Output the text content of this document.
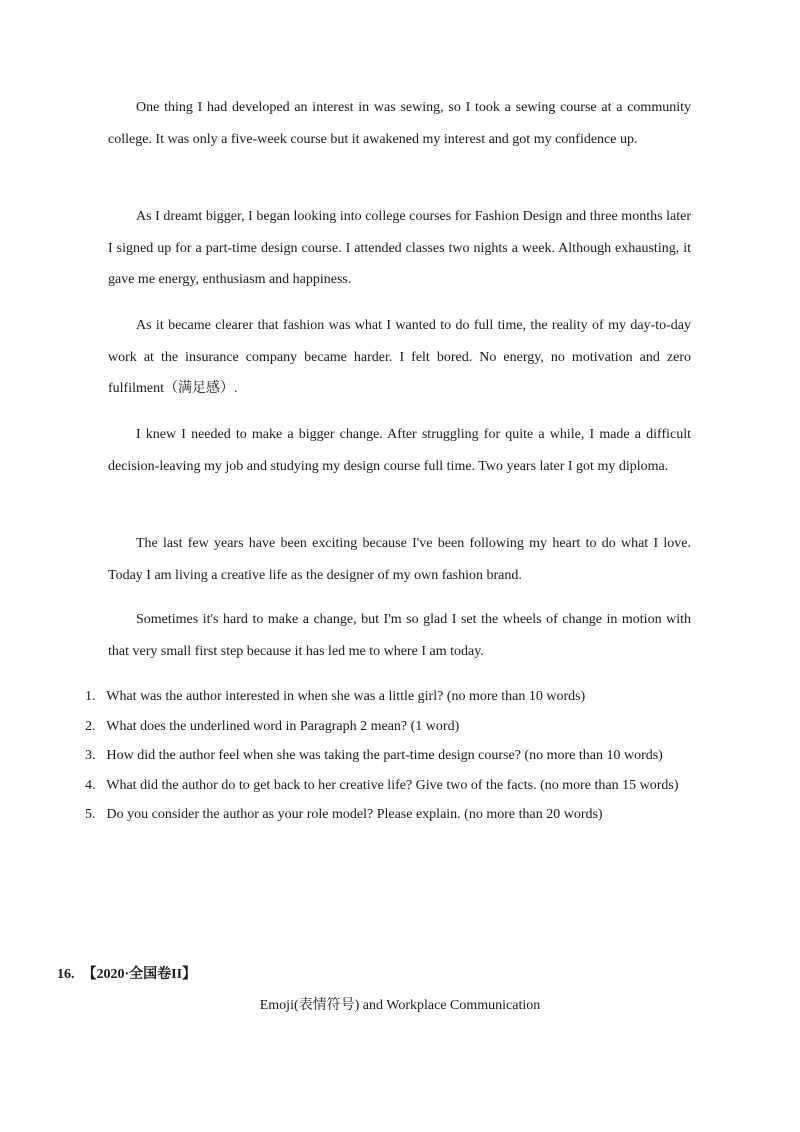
One thing I had developed an interest in was sewing, so I took a sewing course at a community college. It was only a five-week course but it awakened my interest and got my confidence up.

As I dreamt bigger, I began looking into college courses for Fashion Design and three months later I signed up for a part-time design course. I attended classes two nights a week. Although exhausting, it gave me energy, enthusiasm and happiness.

As it became clearer that fashion was what I wanted to do full time, the reality of my day-to-day work at the insurance company became harder. I felt bored. No energy, no motivation and zero fulfilment（满足感）.

I knew I needed to make a bigger change. After struggling for quite a while, I made a difficult decision-leaving my job and studying my design course full time. Two years later I got my diploma.

The last few years have been exciting because I've been following my heart to do what I love. Today I am living a creative life as the designer of my own fashion brand.

Sometimes it's hard to make a change, but I'm so glad I set the wheels of change in motion with that very small first step because it has led me to where I am today.

1. What was the author interested in when she was a little girl? (no more than 10 words)
2. What does the underlined word in Paragraph 2 mean? (1 word)
3. How did the author feel when she was taking the part-time design course? (no more than 10 words)
4. What did the author do to get back to her creative life? Give two of the facts. (no more than 15 words)
5. Do you consider the author as your role model? Please explain. (no more than 20 words)
16. 【2020·全国卷II】
Emoji(表情符号) and Workplace Communication
